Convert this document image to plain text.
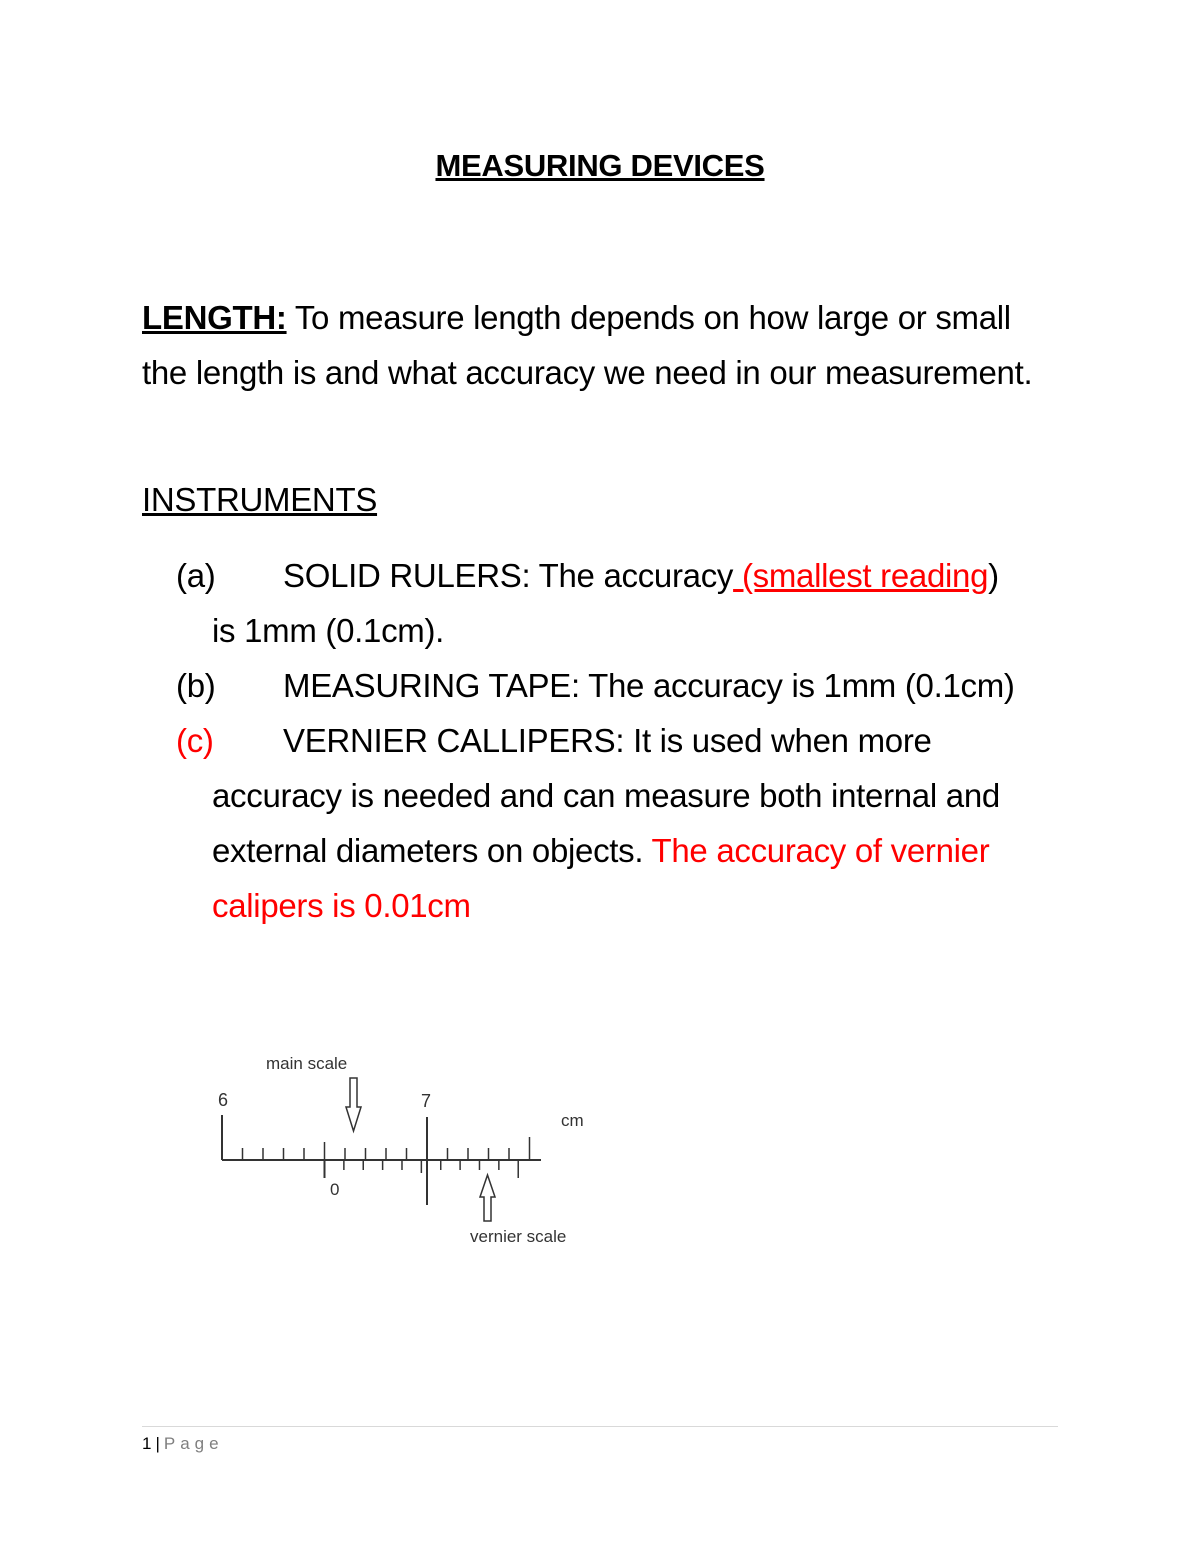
MEASURING DEVICES
LENGTH: To measure length depends on how large or small the length is and what accuracy we need in our measurement.
INSTRUMENTS
(a) SOLID RULERS: The accuracy (smallest reading)
is 1mm (0.1cm).
(b) MEASURING TAPE: The accuracy is 1mm (0.1cm)
(c) VERNIER CALLIPERS: It is used when more
accuracy is needed and can measure both internal and external diameters on objects. The accuracy of vernier calipers is 0.01cm
main scale
6	7
cm
0
vernier scale
1 | Page
